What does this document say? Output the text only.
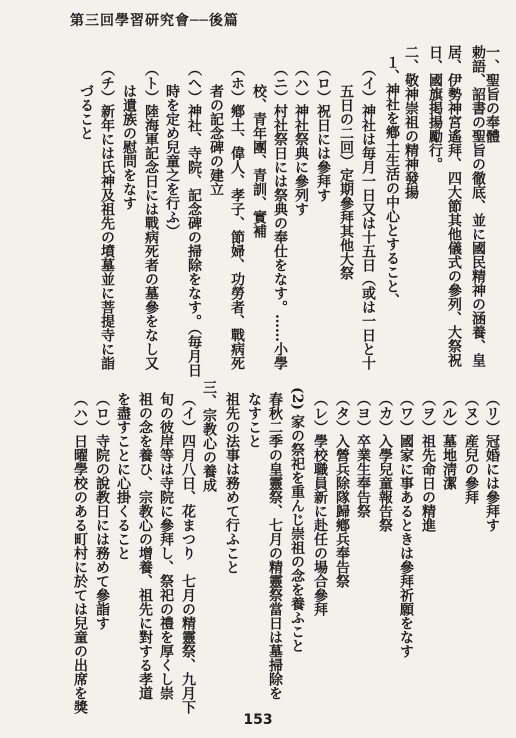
第三回學習研究會──後篇
一、聖旨の奉體
勅語、詔書の聖旨の徹底、並に國民精神の涵養、皇
居、伊勢神宮遙拜、四大節其他儀式の參列、大祭祝
日、國旗掲揚勵行。
二、敬神崇祖の精神發揚
１、神社を鄕土生活の中心とすること、
（イ）神社は毎月一日又は十五日（或は一日と十
五日の二回）定期參拜其他大祭
（ロ）祝日には參拜す
（ハ）神社祭典に參列す
（ニ）村社祭日には祭典の奉仕をなす。……小學
校、青年團、青訓、實補
（ホ）鄕土、偉人、孝子、節婦、功勞者、戰病死
者の記念碑の建立
（ヘ）神社、寺院、記念碑の掃除をなす。（毎月日
時を定め兒童之を行ふ）
（ト）陸海軍記念日には戰病死者の墓參をなし又
は遺族の慰問をなす
（チ）新年には氏神及祖先の墳墓並に菩提寺に詣
づること
（リ）冠婚には參拜す
（ヌ）産兒の參拜
（ル）墓地淸潔
（ヲ）祖先命日の精進
（ワ）國家に事あるときは參拜祈願をなす
（カ）入學兒童報告祭
（ヨ）卒業生奉告祭
（タ）入營兵除隊歸鄕兵奉告祭
（レ）學校職員新に赴任の場合參拜
(2) 家の祭祀を重んじ崇祖の念を養ふこと
春秋二季の皇靈祭、七月の精靈祭當日は墓掃除を
なすこと
祖先の法事は務めて行ふこと
三、宗教心の養成
（イ）四月八日、花まつり　七月の精靈祭、九月下
旬の彼岸等は寺院に參拜し、祭祀の禮を厚くし崇
祖の念を養ひ、宗教心の增養、祖先に對する孝道
を盡すことに心掛くること
（ロ）寺院の說教日には務めて參詣す
（ハ）日曜學校のある町村に於ては兒童の出席を獎
153
